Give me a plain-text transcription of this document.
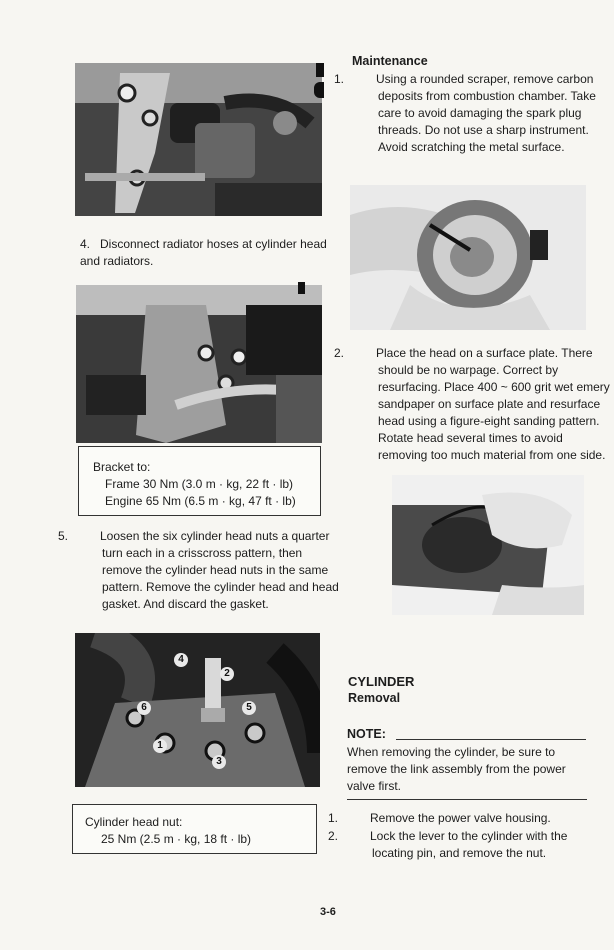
4. Disconnect radiator hoses at cylinder head and radiators.
Bracket to:
Frame 30 Nm (3.0 m · kg, 22 ft · lb)
Engine 65 Nm (6.5 m · kg, 47 ft · lb)
5.	Loosen the six cylinder head nuts a quarter turn each in a crisscross pattern, then remove the cylinder head nuts in the same pattern. Remove the cylinder head and head gasket. And discard the gasket.
4
2
6	5
1
3
Cylinder head nut:
25 Nm (2.5 m · kg, 18 ft · lb)
Maintenance
1.	Using a rounded scraper, remove carbon deposits from combustion chamber. Take care to avoid damaging the spark plug threads. Do not use a sharp instrument. Avoid scratching the metal surface.
2.	Place the head on a surface plate. There should be no warpage. Correct by resurfacing. Place 400 ~ 600 grit wet emery sandpaper on surface plate and resurface head using a figure-eight sanding pattern. Rotate head several times to avoid removing too much material from one side.
CYLINDER
Removal
NOTE:
When removing the cylinder, be sure to remove the link assembly from the power valve first.
1.	Remove the power valve housing.
2.	Lock the lever to the cylinder with the locating pin, and remove the nut.
3-6
